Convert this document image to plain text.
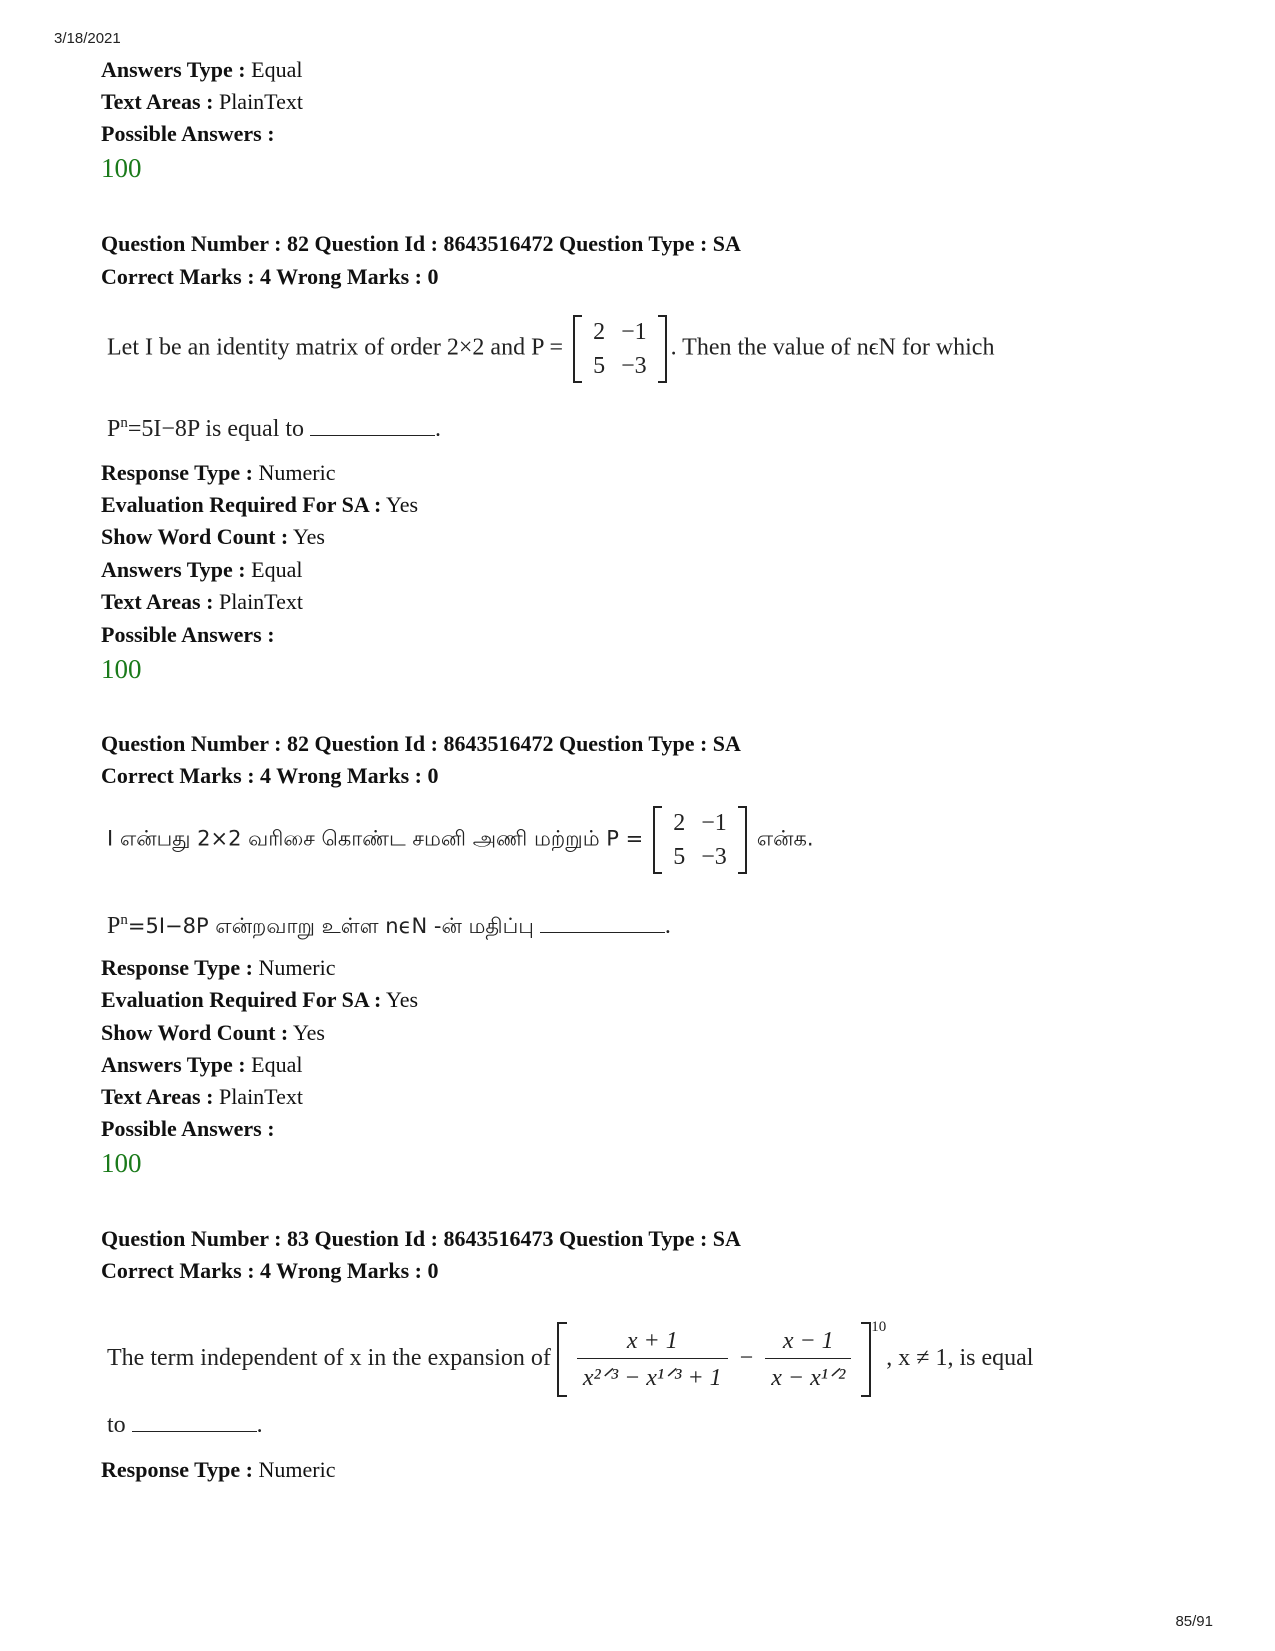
3/18/2021
Answers Type : Equal
Text Areas : PlainText
Possible Answers :
100
Question Number : 82 Question Id : 8643516472 Question Type : SA
Correct Marks : 4 Wrong Marks : 0
Let I be an identity matrix of order 2×2 and P =
2	−1
5	−3
. Then the value of nϵN for which
$P^n=5I-8P$ is equal to	.
Response Type : Numeric
Evaluation Required For SA : Yes
Show Word Count : Yes
Answers Type : Equal
Text Areas : PlainText
Possible Answers :
100
Question Number : 82 Question Id : 8643516472 Question Type : SA
Correct Marks : 4 Wrong Marks : 0
I என்பது 2×2 வரிசை கொண்ட சமனி அணி மற்றும் P =
2	−1
5	−3
என்க.
$P^n=5I-8P$ என்றவாறு உள்ள nϵN -ன் மதிப்பு	.
Response Type : Numeric
Evaluation Required For SA : Yes
Show Word Count : Yes
Answers Type : Equal
Text Areas : PlainText
Possible Answers :
100
Question Number : 83 Question Id : 8643516473 Question Type : SA
Correct Marks : 4 Wrong Marks : 0
The term independent of x in the expansion of $\frac{x + 1}{\text{x²ᐟ³ − x¹ᐟ³ + 1}} - \frac{x - 1}{\text{x − x¹ᐟ²}} ^{10}$, x ≠ 1, is equal
to	.
Response Type : Numeric
85/91
